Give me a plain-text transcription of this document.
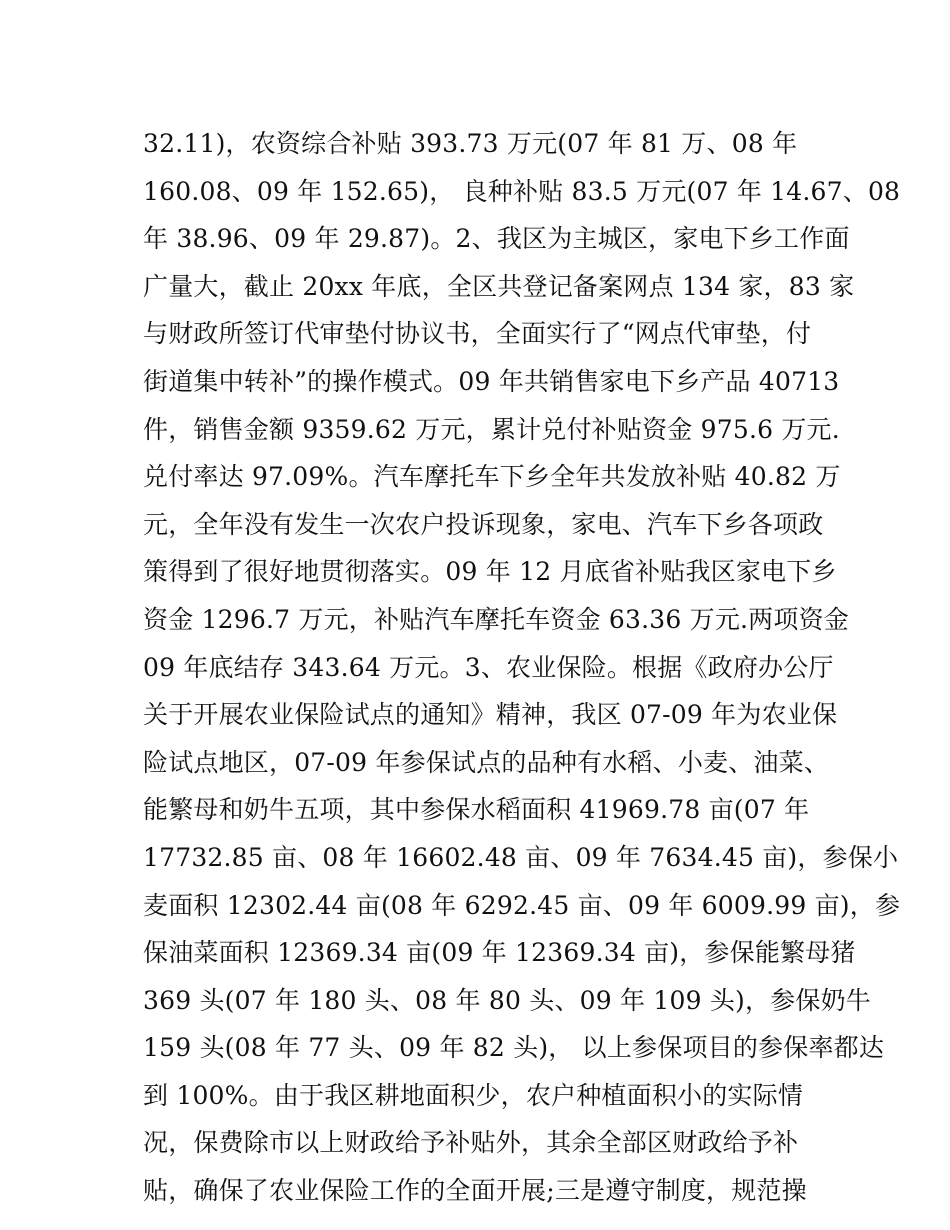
32.11)，农资综合补贴 393.73 万元(07 年 81 万、08 年
160.08、09 年 152.65)， 良种补贴 83.5 万元(07 年 14.67、08
年 38.96、09 年 29.87)。2、我区为主城区，家电下乡工作面
广量大，截止 20xx 年底，全区共登记备案网点 134 家，83 家
与财政所签订代审垫付协议书，全面实行了“网点代审垫，付
街道集中转补”的操作模式。09 年共销售家电下乡产品 40713
件，销售金额 9359.62 万元，累计兑付补贴资金 975.6 万元.
兑付率达 97.09%。汽车摩托车下乡全年共发放补贴 40.82 万
元，全年没有发生一次农户投诉现象，家电、汽车下乡各项政
策得到了很好地贯彻落实。09 年 12 月底省补贴我区家电下乡
资金 1296.7 万元，补贴汽车摩托车资金 63.36 万元.两项资金
09 年底结存 343.64 万元。3、农业保险。根据《政府办公厅
关于开展农业保险试点的通知》精神，我区 07-09 年为农业保
险试点地区，07-09 年参保试点的品种有水稻、小麦、油菜、
能繁母和奶牛五项，其中参保水稻面积 41969.78 亩(07 年
17732.85 亩、08 年 16602.48 亩、09 年 7634.45 亩)，参保小
麦面积 12302.44 亩(08 年 6292.45 亩、09 年 6009.99 亩)，参
保油菜面积 12369.34 亩(09 年 12369.34 亩)，参保能繁母猪
369 头(07 年 180 头、08 年 80 头、09 年 109 头)，参保奶牛
159 头(08 年 77 头、09 年 82 头)， 以上参保项目的参保率都达
到 100%。由于我区耕地面积少，农户种植面积小的实际情
况，保费除市以上财政给予补贴外，其余全部区财政给予补
贴，确保了农业保险工作的全面开展;三是遵守制度，规范操
